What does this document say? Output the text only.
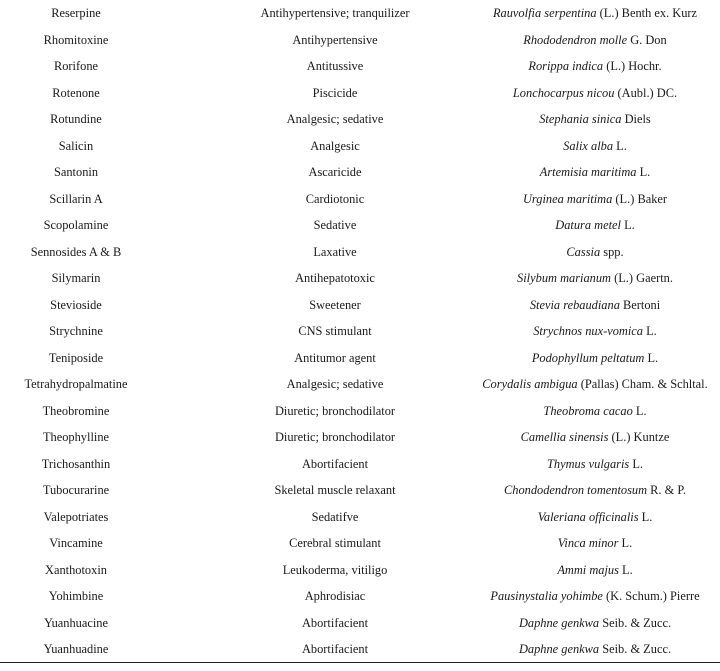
Reserpine	Antihypertensive; tranquilizer	Rauvolfia serpentina (L.) Benth ex. Kurz
Rhomitoxine	Antihypertensive	Rhododendron molle G. Don
Rorifone	Antitussive	Rorippa indica (L.) Hochr.
Rotenone	Piscicide	Lonchocarpus nicou (Aubl.) DC.
Rotundine	Analgesic; sedative	Stephania sinica Diels
Salicin	Analgesic	Salix alba L.
Santonin	Ascaricide	Artemisia maritima L.
Scillarin A	Cardiotonic	Urginea maritima (L.) Baker
Scopolamine	Sedative	Datura metel L.
Sennosides A & B	Laxative	Cassia spp.
Silymarin	Antihepatotoxic	Silybum marianum (L.) Gaertn.
Stevioside	Sweetener	Stevia rebaudiana Bertoni
Strychnine	CNS stimulant	Strychnos nux-vomica L.
Teniposide	Antitumor agent	Podophyllum peltatum L.
Tetrahydropalmatine	Analgesic; sedative	Corydalis ambigua (Pallas) Cham. & Schltal.
Theobromine	Diuretic; bronchodilator	Theobroma cacao L.
Theophylline	Diuretic; bronchodilator	Camellia sinensis (L.) Kuntze
Trichosanthin	Abortifacient	Thymus vulgaris L.
Tubocurarine	Skeletal muscle relaxant	Chondodendron tomentosum R. & P.
Valepotriates	Sedatifve	Valeriana officinalis L.
Vincamine	Cerebral stimulant	Vinca minor L.
Xanthotoxin	Leukoderma, vitiligo	Ammi majus L.
Yohimbine	Aphrodisiac	Pausinystalia yohimbe (K. Schum.) Pierre
Yuanhuacine	Abortifacient	Daphne genkwa Seib. & Zucc.
Yuanhuadine	Abortifacient	Daphne genkwa Seib. & Zucc.
